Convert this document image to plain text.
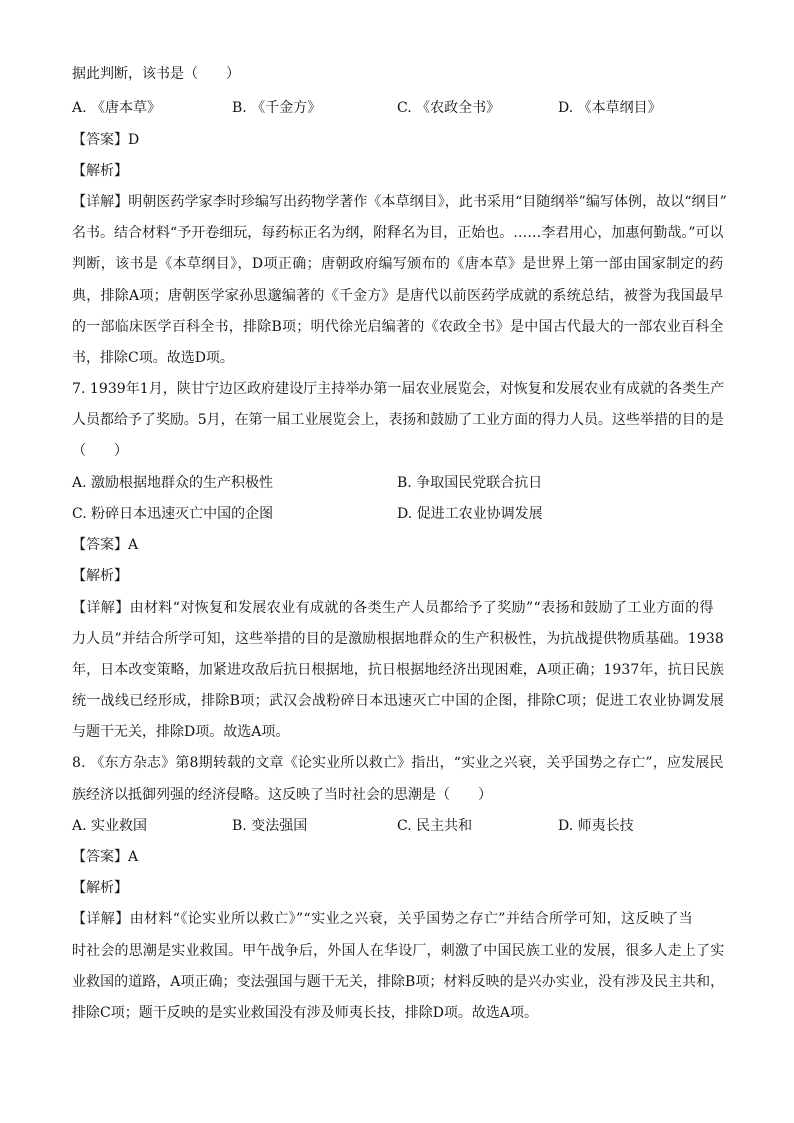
据此判断，该书是（　　）
A. 《唐本草》	B. 《千金方》	C. 《农政全书》	D. 《本草纲目》
【答案】D
【解析】
【详解】明朝医药学家李时珍编写出药物学著作《本草纲目》，此书采用“目随纲举”编写体例，故以“纲目”
名书。结合材料“予开卷细玩，每药标正名为纲，附释名为目，正始也。……李君用心，加惠何勤哉。”可以
判断，该书是《本草纲目》，D项正确；唐朝政府编写颁布的《唐本草》是世界上第一部由国家制定的药
典，排除A项；唐朝医学家孙思邈编著的《千金方》是唐代以前医药学成就的系统总结，被誉为我国最早
的一部临床医学百科全书，排除B项；明代徐光启编著的《农政全书》是中国古代最大的一部农业百科全
书，排除C项。故选D项。
7. 1939年1月，陕甘宁边区政府建设厅主持举办第一届农业展览会，对恢复和发展农业有成就的各类生产
人员都给予了奖励。5月，在第一届工业展览会上，表扬和鼓励了工业方面的得力人员。这些举措的目的是
（　　）
A. 激励根据地群众的生产积极性	B. 争取国民党联合抗日
C. 粉碎日本迅速灭亡中国的企图	D. 促进工农业协调发展
【答案】A
【解析】
【详解】由材料“对恢复和发展农业有成就的各类生产人员都给予了奖励”“表扬和鼓励了工业方面的得
力人员”并结合所学可知，这些举措的目的是激励根据地群众的生产积极性，为抗战提供物质基础。1938
年，日本改变策略，加紧进攻敌后抗日根据地，抗日根据地经济出现困难，A项正确；1937年，抗日民族
统一战线已经形成，排除B项；武汉会战粉碎日本迅速灭亡中国的企图，排除C项；促进工农业协调发展
与题干无关，排除D项。故选A项。
8. 《东方杂志》第8期转载的文章《论实业所以救亡》指出，“实业之兴衰，关乎国势之存亡”，应发展民
族经济以抵御列强的经济侵略。这反映了当时社会的思潮是（　　）
A. 实业救国	B. 变法强国	C. 民主共和	D. 师夷长技
【答案】A
【解析】
【详解】由材料“《论实业所以救亡》”“实业之兴衰，关乎国势之存亡”并结合所学可知，这反映了当
时社会的思潮是实业救国。甲午战争后，外国人在华设厂，刺激了中国民族工业的发展，很多人走上了实
业救国的道路，A项正确；变法强国与题干无关，排除B项；材料反映的是兴办实业，没有涉及民主共和，
排除C项；题干反映的是实业救国没有涉及师夷长技，排除D项。故选A项。
